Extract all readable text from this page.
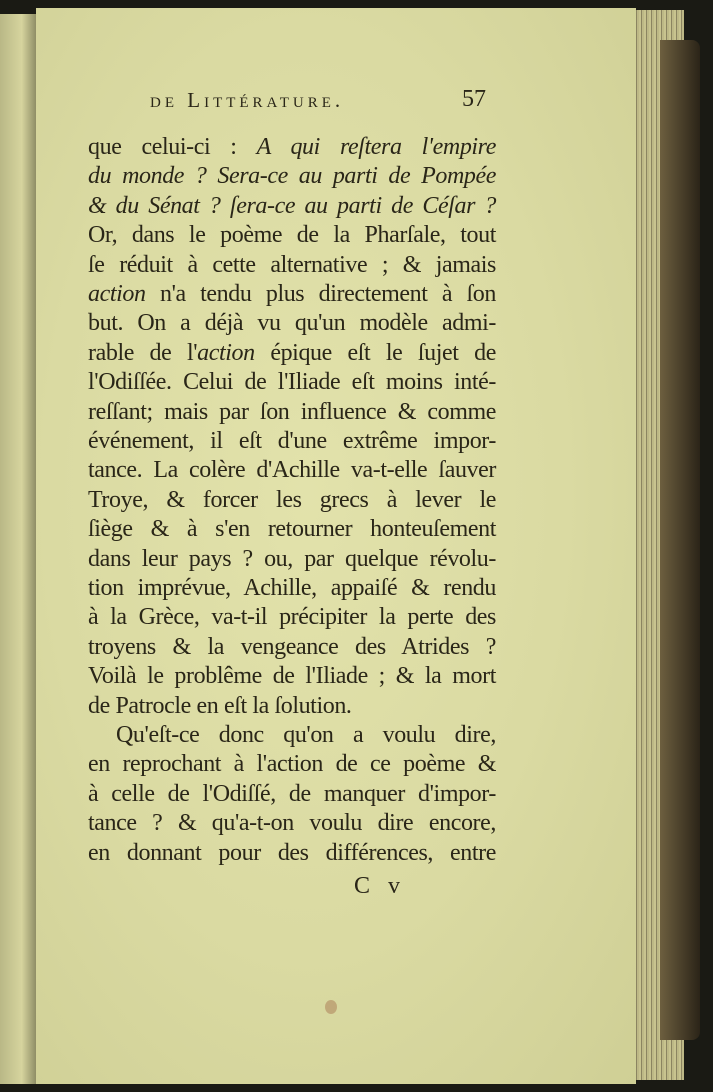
de Littérature.	57
que celui-ci : A qui reſtera l'empire
du monde ? Sera-ce au parti de Pompée
& du Sénat ? ſera-ce au parti de Céſar ?
Or, dans le poème de la Pharſale, tout
ſe réduit à cette alternative ; & jamais
action n'a tendu plus directement à ſon
but. On a déjà vu qu'un modèle admi-
rable de l'action épique eſt le ſujet de
l'Odiſſée. Celui de l'Iliade eſt moins inté-
reſſant; mais par ſon influence & comme
événement, il eſt d'une extrême impor-
tance. La colère d'Achille va-t-elle ſauver
Troye, & forcer les grecs à lever le
ſiège & à s'en retourner honteuſement
dans leur pays ? ou, par quelque révolu-
tion imprévue, Achille, appaiſé & rendu
à la Grèce, va-t-il précipiter la perte des
troyens & la vengeance des Atrides ?
Voilà le problême de l'Iliade ; & la mort
de Patrocle en eſt la ſolution.
Qu'eſt-ce donc qu'on a voulu dire,
en reprochant à l'action de ce poème &
à celle de l'Odiſſé, de manquer d'impor-
tance ? & qu'a-t-on voulu dire encore,
en donnant pour des différences, entre
C v
